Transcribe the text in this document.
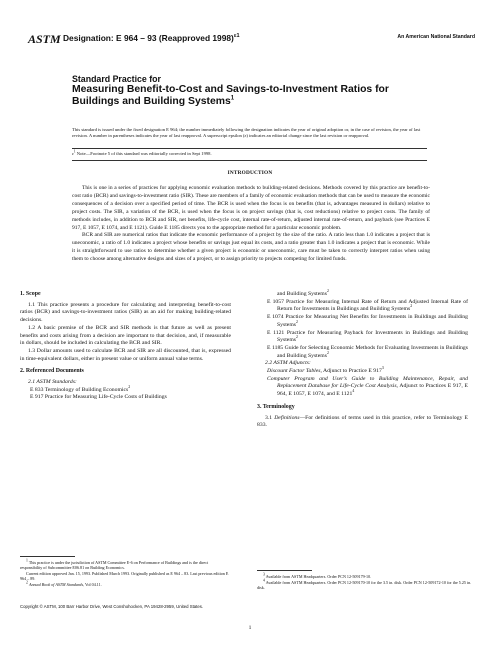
ASTM Designation: E 964 – 93 (Reapproved 1998)$^{\varepsilon 1}$	An American National Standard
Standard Practice for
Measuring Benefit-to-Cost and Savings-to-Investment Ratios for Buildings and Building Systems$^1$
This standard is issued under the fixed designation E 964; the number immediately following the designation indicates the year of original adoption or, in the case of revision, the year of last revision. A number in parentheses indicates the year of last reapproval. A superscript epsilon (ε) indicates an editorial change since the last revision or reapproval.
$\varepsilon^1$ Note—Footnote 5 of this standard was editorially corrected in Sept 1998.
INTRODUCTION

This is one in a series of practices for applying economic evaluation methods to building-related decisions. Methods covered by this practice are benefit-to-cost ratio (BCR) and savings-to-investment ratio (SIR). These are members of a family of economic evaluation methods that can be used to measure the economic consequences of a decision over a specified period of time. The BCR is used when the focus is on benefits (that is, advantages measured in dollars) relative to project costs. The SIR, a variation of the BCR, is used when the focus is on project savings (that is, cost reductions) relative to project costs. The family of methods includes, in addition to BCR and SIR, net benefits, life-cycle cost, internal rate-of-return, adjusted internal rate-of-return, and payback (see Practices E 917, E 1057, E 1074, and E 1121). Guide E 1185 directs you to the appropriate method for a particular economic problem.

BCR and SIR are numerical ratios that indicate the economic performance of a project by the size of the ratio. A ratio less than 1.0 indicates a project that is uneconomic, a ratio of 1.0 indicates a project whose benefits or savings just equal its costs, and a ratio greater than 1.0 indicates a project that is economic. While it is straightforward to use ratios to determine whether a given project is economic or uneconomic, care must be taken to correctly interpret ratios when using them to choose among alternative designs and sizes of a project, or to assign priority to projects competing for limited funds.

1. Scope

1.1 This practice presents a procedure for calculating and interpreting benefit-to-cost ratios (BCR) and savings-to-investment ratios (SIR) as an aid for making building-related decisions.

1.2 A basic premise of the BCR and SIR methods is that future as well as present benefits and costs arising from a decision are important to that decision, and, if measurable in dollars, should be included in calculating the BCR and SIR.

1.3 Dollar amounts used to calculate BCR and SIR are all discounted, that is, expressed in time-equivalent dollars, either in present value or uniform annual value terms.

2. Referenced Documents

2.1 ASTM Standards:

E 833 Terminology of Building Economics$^2$

E 917 Practice for Measuring Life-Cycle Costs of Buildings

and Building Systems$^2$

E 1057 Practice for Measuring Internal Rate of Return and Adjusted Internal Rate of Return for Investments in Buildings and Building Systems$^2$

E 1074 Practice for Measuring Net Benefits for Investments in Buildings and Building Systems$^2$

E 1121 Practice for Measuring Payback for Investments in Buildings and Building Systems$^2$

E 1185 Guide for Selecting Economic Methods for Evaluating Investments in Buildings and Building Systems$^2$

2.2 ASTM Adjuncts:

Discount Factor Tables, Adjunct to Practice E $917^3$

Computer Program and User’s Guide to Building Maintenance, Repair, and Replacement Database for Life-Cycle Cost Analysis, Adjunct to Practices E 917, E 964, E 1057, E 1074, and E 1121$^4$

3. Terminology

3.1 Definitions—For definitions of terms used in this practice, refer to Terminology E 833.

$^1$ This practice is under the jurisdiction of ASTM Committee E-6 on Performance of Buildings and is the direct responsibility of Subcommittee E06.81 on Building Economics.

Current edition approved Jan. 15, 1993. Published March 1993. Originally published as E 964 – 83. Last previous edition E 964 – 89.

$^2$ Annual Book of ASTM Standards, Vol 04.11.

$^3$ Available from ASTM Headquarters. Order PCN 12-509179-10.

$^4$ Available from ASTM Headquarters. Order PCN 12-509170-10 for the 3.5 in. disk. Order PCN 12-509172-10 for the 5.25 in. disk.

Copyright © ASTM, 100 Barr Harbor Drive, West Conshohocken, PA 19428-2959, United States.
1
